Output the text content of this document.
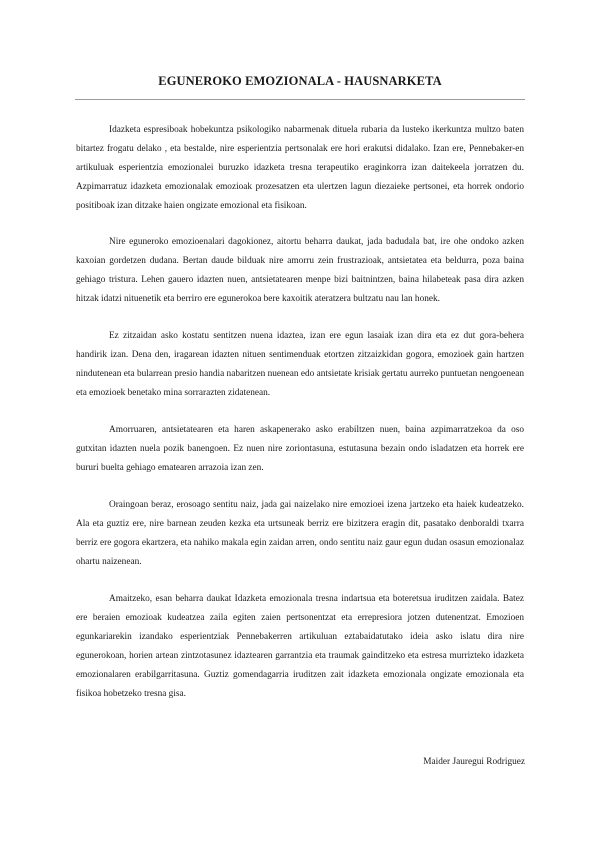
EGUNEROKO EMOZIONALA - HAUSNARKETA

Idazketa espresiboak hobekuntza psikologiko nabarmenak dituela rubaria da lusteko ikerkuntza multzo baten bitartez frogatu delako , eta bestalde, nire esperientzia pertsonalak ere hori erakutsi didalako. Izan ere, Pennebaker-en artikuluak esperientzia emozionalei buruzko idazketa tresna terapeutiko eraginkorra izan daitekeela jorratzen du. Azpimarratuz idazketa emozionalak emozioak prozesatzen eta ulertzen lagun diezaieke pertsonei, eta horrek ondorio positiboak izan ditzake haien ongizate emozional eta fisikoan.

Nire eguneroko emozioenalari dagokionez, aitortu beharra daukat, jada badudala bat, ire ohe ondoko azken kaxoian gordetzen dudana. Bertan daude bilduak nire amorru zein frustrazioak, antsietatea eta beldurra, poza baina gehiago tristura. Lehen gauero idazten nuen, antsietatearen menpe bizi baitnintzen, baina hilabeteak pasa dira azken hitzak idatzi nituenetik eta berriro ere egunerokoa bere kaxoitik ateratzera bultzatu nau lan honek.

Ez zitzaidan asko kostatu sentitzen nuena idaztea, izan ere egun lasaiak izan dira eta ez dut gora-behera handirik izan. Dena den, iragarean idazten nituen sentimenduak etortzen zitzaizkidan gogora, emozioek gain hartzen nindutenean eta bularrean presio handia nabaritzen nuenean edo antsietate krisiak gertatu aurreko puntuetan nengoenean eta emozioek benetako mina sorrarazten zidatenean.

Amorruaren, antsietatearen eta haren askapenerako asko erabiltzen nuen, baina azpimarratzekoa da oso gutxitan idazten nuela pozik banengoen. Ez nuen nire zoriontasuna, estutasuna bezain ondo isladatzen eta horrek ere bururi buelta gehiago ematearen arrazoia izan zen.

Oraingoan beraz, erosoago sentitu naiz, jada gai naizelako nire emozioei izena jartzeko eta haiek kudeatzeko. Ala eta guztiz ere, nire barnean zeuden kezka eta urtsuneak berriz ere bizitzera eragin dit, pasatako denboraldi txarra berriz ere gogora ekartzera, eta nahiko makala egin zaidan arren, ondo sentitu naiz gaur egun dudan osasun emozionalaz ohartu naizenean.

Amaitzeko, esan beharra daukat Idazketa emozionala tresna indartsua eta boteretsua iruditzen zaidala. Batez ere beraien emozioak kudeatzea zaila egiten zaien pertsonentzat eta errepresiora jotzen dutenentzat. Emozioen egunkariarekin izandako esperientziak Pennebakerren artikuluan eztabaidatutako ideia asko islatu dira nire egunerokoan, horien artean zintzotasunez idaztearen garrantzia eta traumak gainditzeko eta estresa murrizteko idazketa emozionalaren erabilgarritasuna. Guztiz gomendagarria iruditzen zait idazketa emozionala ongizate emozionala eta fisikoa hobetzeko tresna gisa.

Maider Jauregui Rodriguez
